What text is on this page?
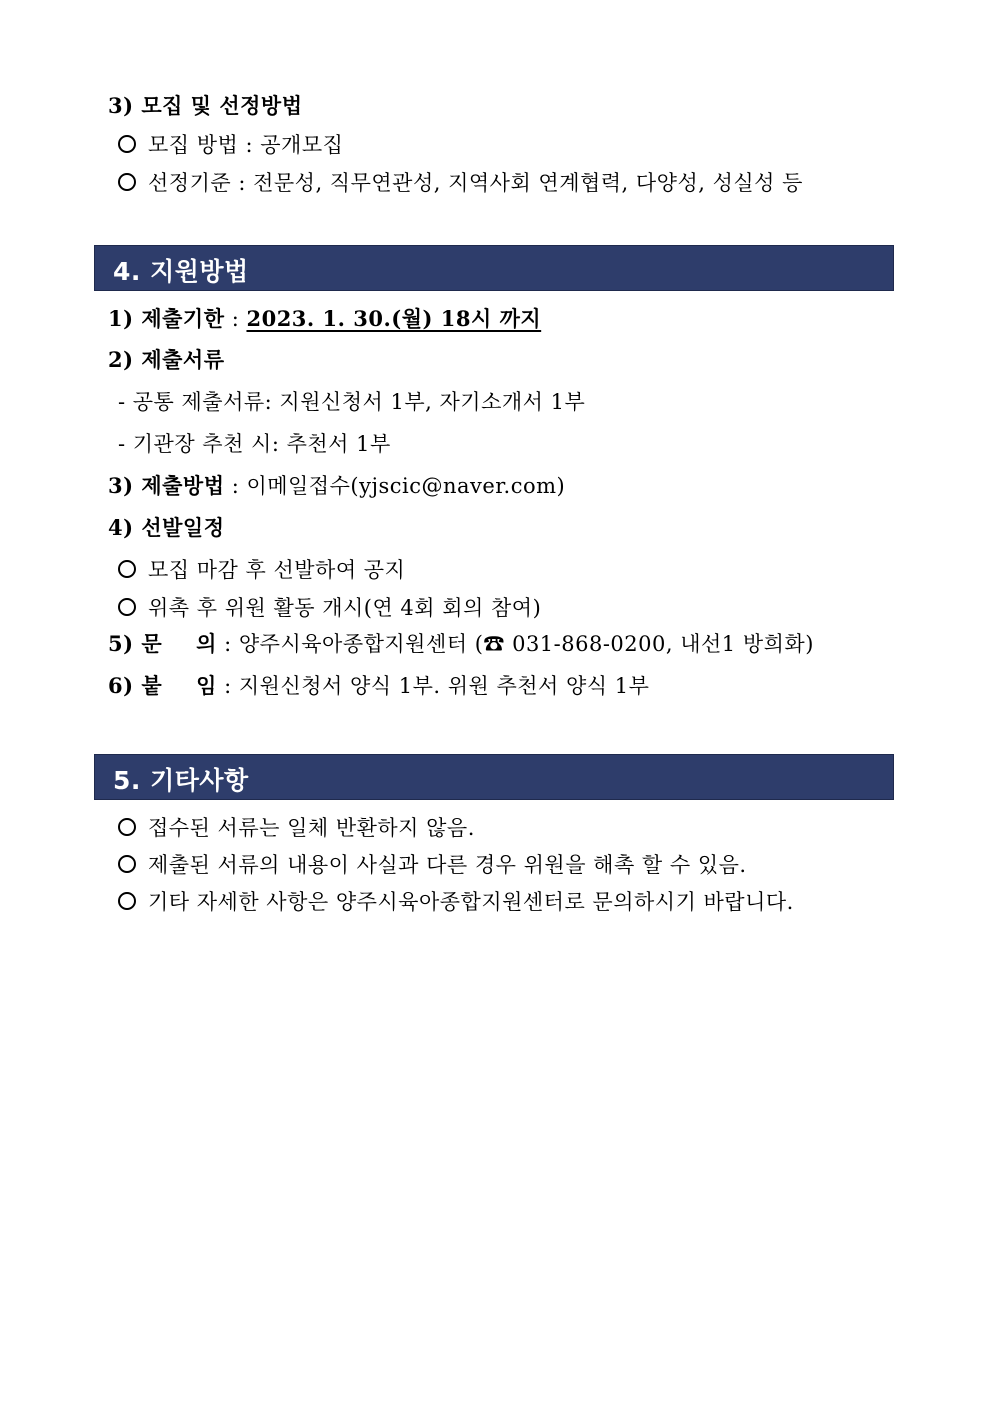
3) 모집 및 선정방법
모집 방법 : 공개모집
선정기준 : 전문성, 직무연관성, 지역사회 연계협력, 다양성, 성실성 등
4. 지원방법
1) 제출기한 : 2023. 1. 30.(월) 18시 까지
2) 제출서류
- 공통 제출서류: 지원신청서 1부, 자기소개서 1부
- 기관장 추천 시: 추천서 1부
3) 제출방법 : 이메일접수(yjscic@naver.com)
4) 선발일정
모집 마감 후 선발하여 공지
위촉 후 위원 활동 개시(연 4회 회의 참여)
5) 문 의 : 양주시육아종합지원센터 (☎ 031-868-0200, 내선1 방희화)
6) 붙 임 : 지원신청서 양식 1부. 위원 추천서 양식 1부
5. 기타사항
접수된 서류는 일체 반환하지 않음.
제출된 서류의 내용이 사실과 다른 경우 위원을 해촉 할 수 있음.
기타 자세한 사항은 양주시육아종합지원센터로 문의하시기 바랍니다.
